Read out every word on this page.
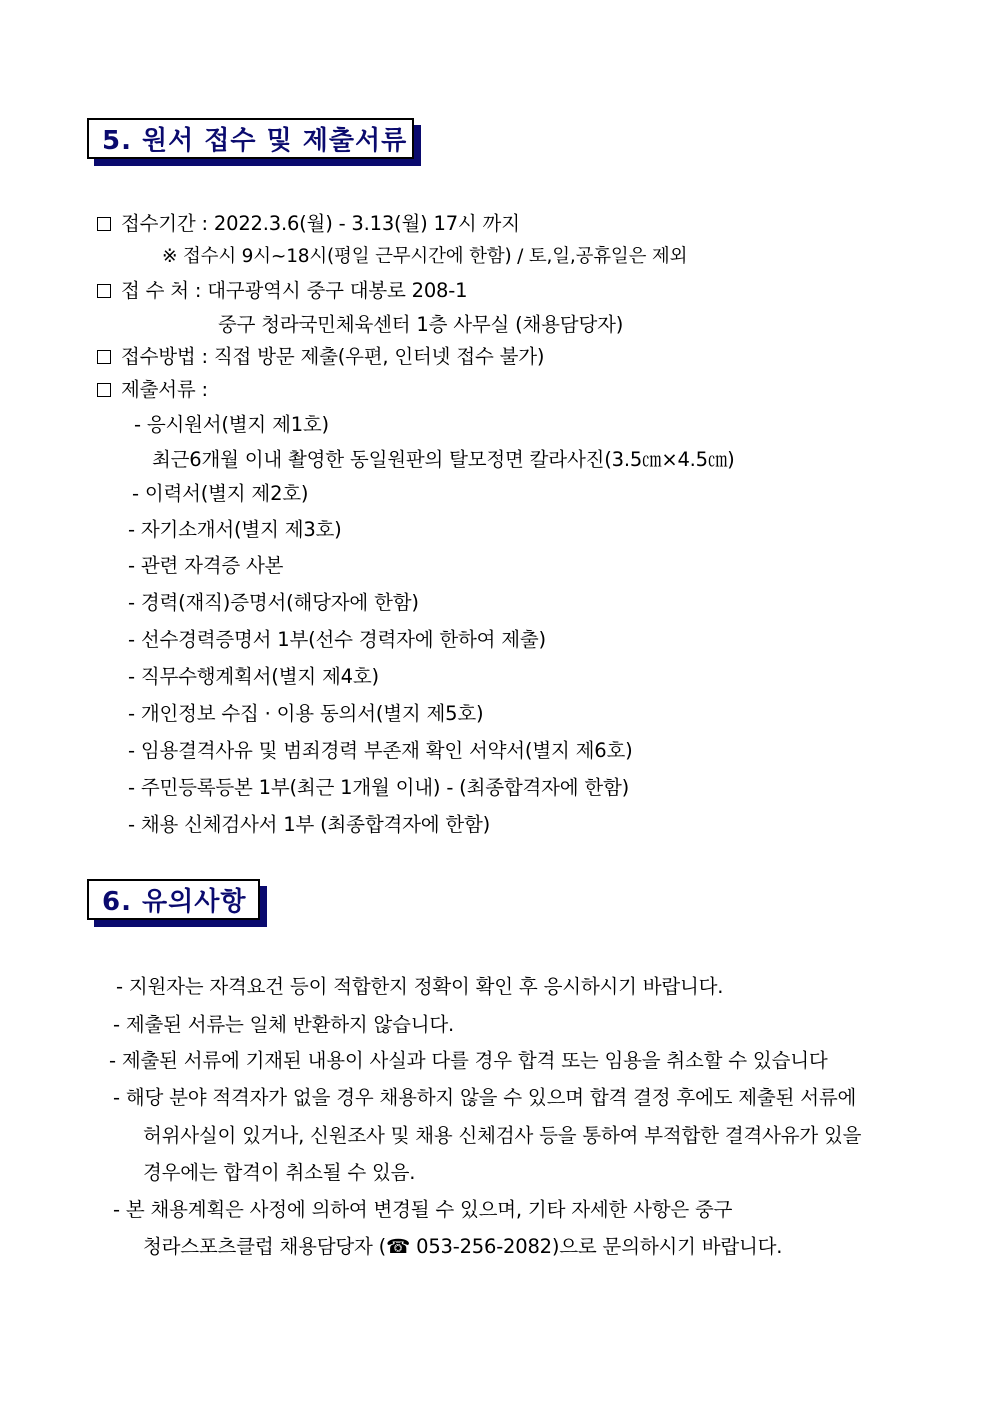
5. 원서 접수 및 제출서류
접수기간 : 2022.3.6(월) - 3.13(월) 17시 까지
※ 접수시 9시~18시(평일 근무시간에 한함) / 토,일,공휴일은 제외
접 수 처 : 대구광역시 중구 대봉로 208-1
중구 청라국민체육센터 1층 사무실 (채용담당자)
접수방법 : 직접 방문 제출(우편, 인터넷 접수 불가)
제출서류 :
- 응시원서(별지 제1호)
최근6개월 이내 촬영한 동일원판의 탈모정면 칼라사진(3.5㎝×4.5㎝)
- 이력서(별지 제2호)
- 자기소개서(별지 제3호)
- 관련 자격증 사본
- 경력(재직)증명서(해당자에 한함)
- 선수경력증명서 1부(선수 경력자에 한하여 제출)
- 직무수행계획서(별지 제4호)
- 개인정보 수집 · 이용 동의서(별지 제5호)
- 임용결격사유 및 범죄경력 부존재 확인 서약서(별지 제6호)
- 주민등록등본 1부(최근 1개월 이내) - (최종합격자에 한함)
- 채용 신체검사서 1부 (최종합격자에 한함)
6. 유의사항
- 지원자는 자격요건 등이 적합한지 정확이 확인 후 응시하시기 바랍니다.
- 제출된 서류는 일체 반환하지 않습니다.
- 제출된 서류에 기재된 내용이 사실과 다를 경우 합격 또는 임용을 취소할 수 있습니다
- 해당 분야 적격자가 없을 경우 채용하지 않을 수 있으며 합격 결정 후에도 제출된 서류에
허위사실이 있거나, 신원조사 및 채용 신체검사 등을 통하여 부적합한 결격사유가 있을
경우에는 합격이 취소될 수 있음.
- 본 채용계획은 사정에 의하여 변경될 수 있으며, 기타 자세한 사항은 중구
청라스포츠클럽 채용담당자 (☎ 053-256-2082)으로 문의하시기 바랍니다.
